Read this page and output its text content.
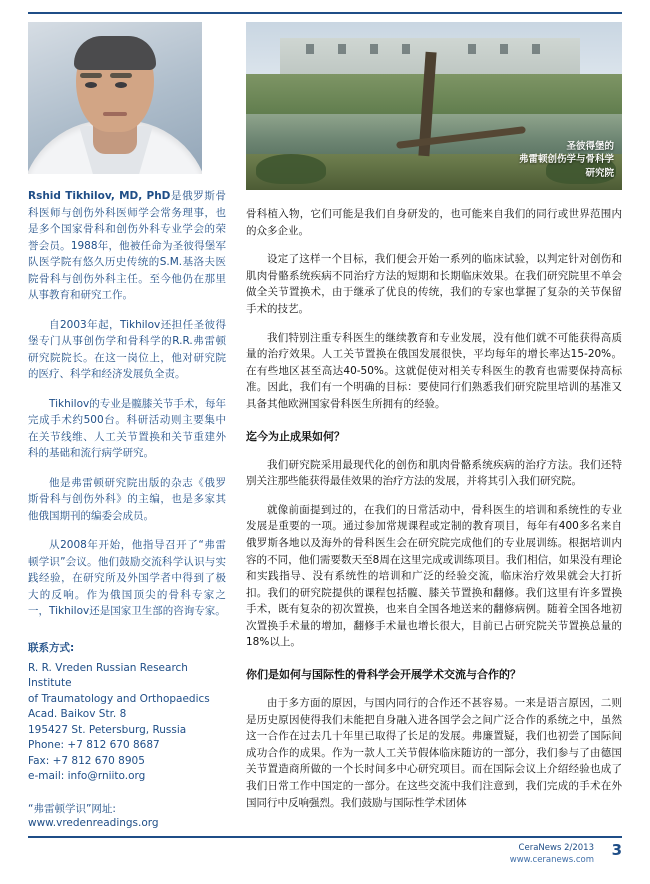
Rshid Tikhilov, MD, PhD是俄罗斯骨科医师与创伤外科医师学会常务理事，也是多个国家骨科和创伤外科专业学会的荣誉会员。1988年，他被任命为圣彼得堡军队医学院有悠久历史传统的S.M.基洛夫医院骨科与创伤外科主任。至今他仍在那里从事教育和研究工作。
自2003年起，Tikhilov还担任圣彼得堡专门从事创伤学和骨科学的R.R.弗雷顿研究院院长。在这一岗位上，他对研究院的医疗、科学和经济发展负全责。
Tikhilov的专业是髋膝关节手术，每年完成手术约500台。科研活动则主要集中在关节线维、人工关节置换和关节重建外科的基础和流行病学研究。
他是弗雷顿研究院出版的杂志《俄罗斯骨科与创伤外科》的主编，也是多家其他俄国期刊的编委会成员。
从2008年开始，他指导召开了“弗雷顿学识”会议。他们鼓励交流科学认识与实践经验，在研究所及外国学者中得到了极大的反响。作为俄国顶尖的骨科专家之一，Tikhilov还是国家卫生部的咨询专家。
联系方式:
R. R. Vreden Russian Research Institute
of Traumatology and Orthopaedics
Acad. Baikov Str. 8
195427 St. Petersburg, Russia
Phone: +7 812 670 8687
Fax: +7 812 670 8905
e-mail: info@rniito.org
“弗雷顿学识”网址:
www.vredenreadings.org
圣彼得堡的
弗雷顿创伤学与骨科学
研究院
骨科植入物，它们可能是我们自身研发的，也可能来自我们的同行或世界范围内的众多企业。
设定了这样一个目标，我们便会开始一系列的临床试验，以判定针对创伤和肌肉骨骼系统疾病不同治疗方法的短期和长期临床效果。在我们研究院里不单会做全关节置换术，由于继承了优良的传统，我们的专家也掌握了复杂的关节保留手术的技艺。
我们特别注重专科医生的继续教育和专业发展，没有他们就不可能获得高质量的治疗效果。人工关节置换在俄国发展很快，平均每年的增长率达15-20%。在有些地区甚至高达40-50%。这就促使对相关专科医生的教育也需要保持高标准。因此，我们有一个明确的目标：要使同行们熟悉我们研究院里培训的基准又具备其他欧洲国家骨科医生所拥有的经验。
迄今为止成果如何？
我们研究院采用最现代化的创伤和肌肉骨骼系统疾病的治疗方法。我们还特别关注那些能获得最佳效果的治疗方法的发展，并将其引入我们研究院。
就像前面提到过的，在我们的日常活动中，骨科医生的培训和系统性的专业发展是重要的一项。通过参加常规课程或定制的教育项目，每年有400多名来自俄罗斯各地以及海外的骨科医生会在研究院完成他们的专业展训练。根据培训内容的不同，他们需要数天至8周在这里完成或训练项目。我们相信，如果没有理论和实践指导、没有系统性的培训和广泛的经验交流，临床治疗效果就会大打折扣。我们的研究院提供的课程包括髋、膝关节置换和翻修。我们这里有许多置换手术，既有复杂的初次置换，也来自全国各地送来的翻修病例。随着全国各地初次置换手术量的增加，翻修手术量也增长很大，目前已占研究院关节置换总量的18%以上。
你们是如何与国际性的骨科学会开展学术交流与合作的？
由于多方面的原因，与国内同行的合作还不甚容易。一来是语言原因，二则是历史原因使得我们未能把自身融入进各国学会之间广泛合作的系统之中，虽然这一合作在过去几十年里已取得了长足的发展。弗廉置疑，我们也初尝了国际间成功合作的成果。作为一款人工关节假体临床随访的一部分，我们参与了由德国关节置造商所做的一个长时间多中心研究项目。而在国际会议上介绍经验也成了我们日常工作中国定的一部分。在这些交流中我们注意到，我们完成的手术在外国同行中反响强烈。我们鼓励与国际性学术团体
CeraNews 2/2013
www.ceranews.com
3
